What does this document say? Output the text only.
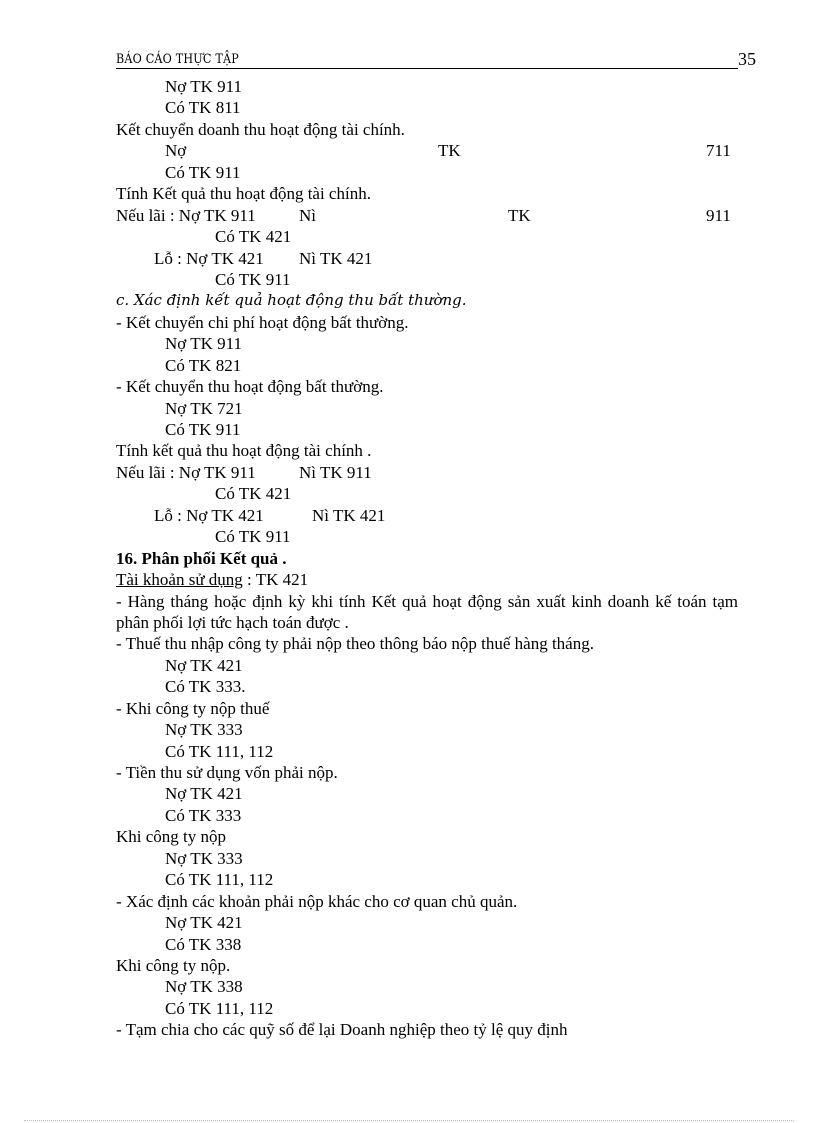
BÁO CÁO THỰC TẬP	35
Nợ TK 911
Có TK 811
Kết chuyển doanh thu hoạt động tài chính.
Nợ	TK	711
Có TK 911
Tính Kết quả thu hoạt động tài chính.
Nếu lãi : Nợ TK 911	Nì	TK	911
Có TK 421
Lỗ : Nợ TK 421 Nì TK 421
Có TK 911
c. Xác định kết quả hoạt động thu bất thường.
- Kết chuyển chi phí hoạt động bất thường.
Nợ TK 911
Có TK 821
- Kết chuyển thu hoạt động bất thường.
Nợ TK 721
Có TK 911
Tính kết quả thu hoạt động tài chính .
Nếu lãi : Nợ TK 911	Nì TK 911
Có TK 421
Lỗ : Nợ TK 421	Nì TK 421
Có TK 911
16. Phân phối Kết quả .
Tài khoản sử dụng : TK 421
- Hàng tháng hoặc định kỳ khi tính Kết quả hoạt động sản xuất kinh doanh kế toán tạm phân phối lợi tức hạch toán được .
- Thuế thu nhập công ty phải nộp theo thông báo nộp thuế hàng tháng.
Nợ TK 421
Có TK 333.
- Khi công ty nộp thuế
Nợ TK 333
Có TK 111, 112
- Tiền thu sử dụng vốn phải nộp.
Nợ TK 421
Có TK 333
Khi công ty nộp
Nợ TK 333
Có TK 111, 112
- Xác định các khoản phải nộp khác cho cơ quan chủ quản.
Nợ TK 421
Có TK 338
Khi công ty nộp.
Nợ TK 338
Có TK 111, 112
- Tạm chia cho các quỹ số để lại Doanh nghiệp theo tỷ lệ quy định
